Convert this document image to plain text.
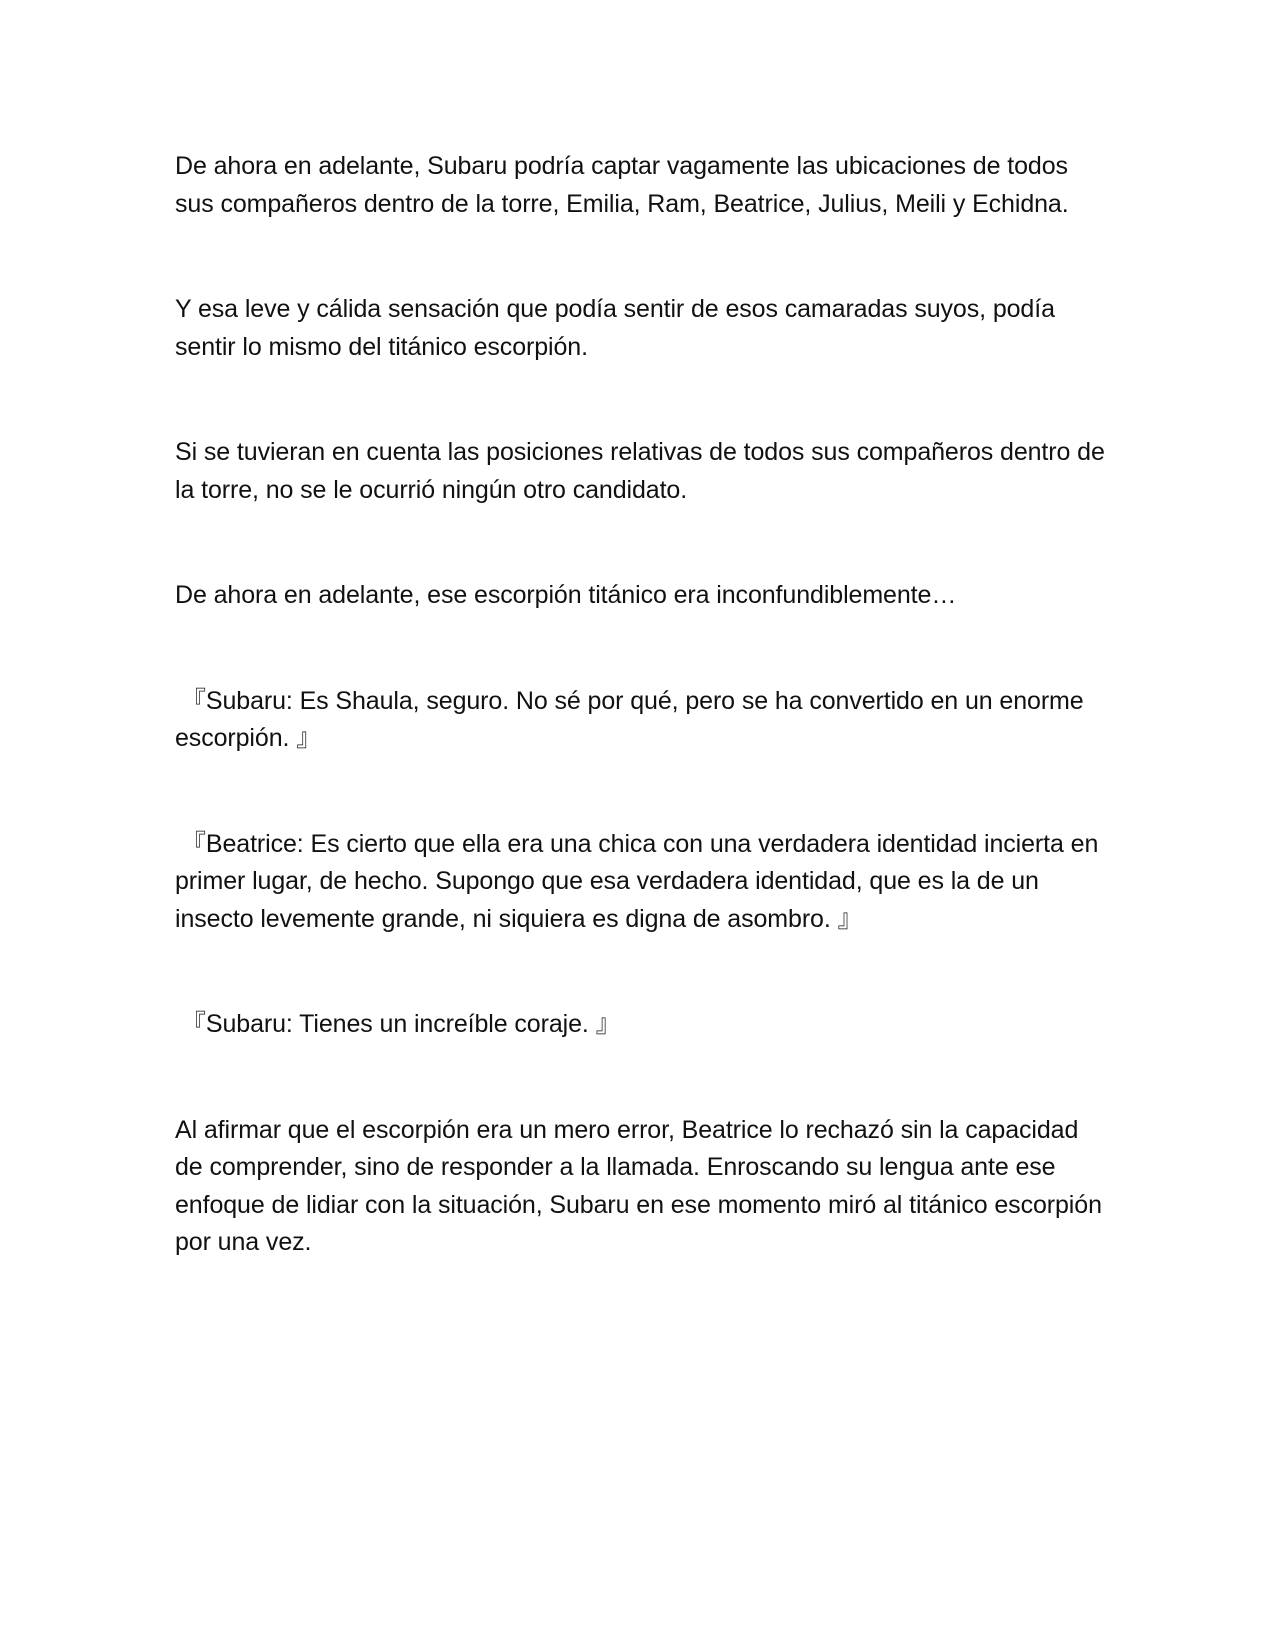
De ahora en adelante, Subaru podría captar vagamente las ubicaciones de todos sus compañeros dentro de la torre, Emilia, Ram, Beatrice, Julius, Meili y Echidna.

Y esa leve y cálida sensación que podía sentir de esos camaradas suyos, podía sentir lo mismo del titánico escorpión.

Si se tuvieran en cuenta las posiciones relativas de todos sus compañeros dentro de la torre, no se le ocurrió ningún otro candidato.

De ahora en adelante, ese escorpión titánico era inconfundiblemente…

『Subaru: Es Shaula, seguro. No sé por qué, pero se ha convertido en un enorme escorpión. 』

『Beatrice: Es cierto que ella era una chica con una verdadera identidad incierta en primer lugar, de hecho. Supongo que esa verdadera identidad, que es la de un insecto levemente grande, ni siquiera es digna de asombro. 』

『Subaru: Tienes un increíble coraje. 』

Al afirmar que el escorpión era un mero error, Beatrice lo rechazó sin la capacidad de comprender, sino de responder a la llamada. Enroscando su lengua ante ese enfoque de lidiar con la situación, Subaru en ese momento miró al titánico escorpión por una vez.
